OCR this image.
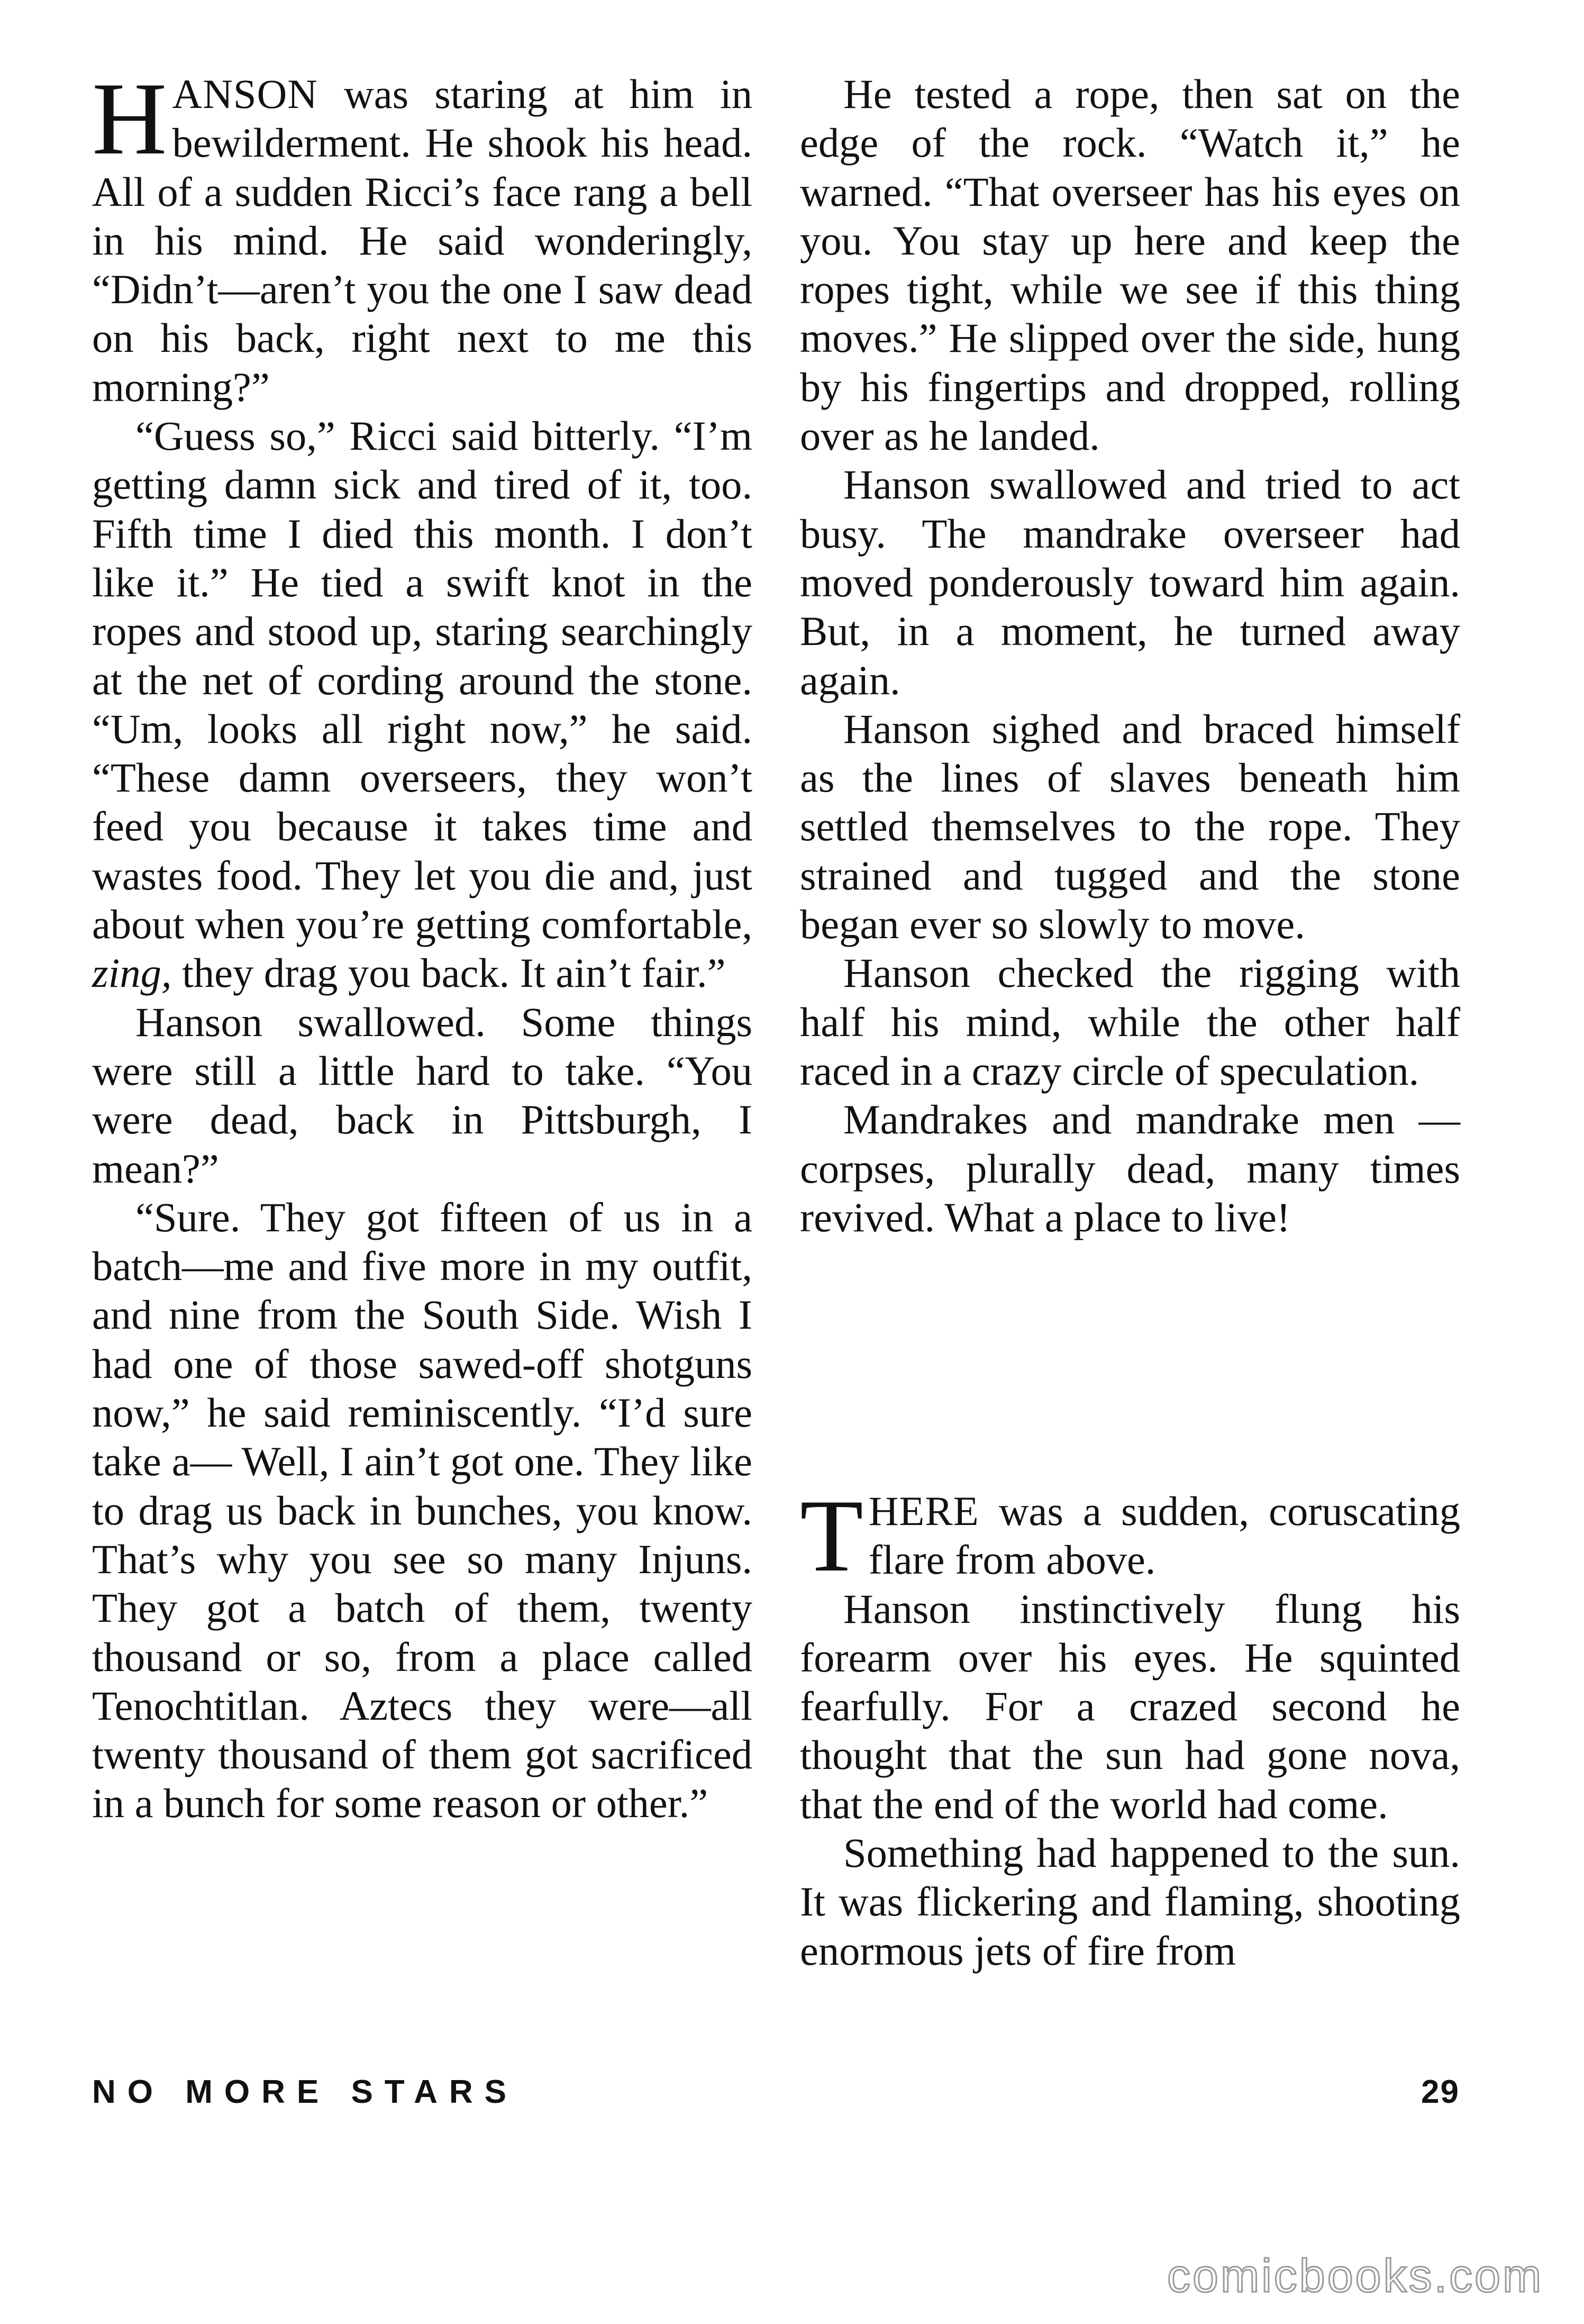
HANSON was staring at him in bewilderment. He shook his head. All of a sudden Ricci’s face rang a bell in his mind. He said wonderingly, “Didn’t—aren’t you the one I saw dead on his back, right next to me this morning?”

“Guess so,” Ricci said bitterly. “I’m getting damn sick and tired of it, too. Fifth time I died this month. I don’t like it.” He tied a swift knot in the ropes and stood up, staring searchingly at the net of cording around the stone. “Um, looks all right now,” he said. “These damn overseers, they won’t feed you because it takes time and wastes food. They let you die and, just about when you’re getting comfortable, zing, they drag you back. It ain’t fair.”

Hanson swallowed. Some things were still a little hard to take. “You were dead, back in Pittsburgh, I mean?”

“Sure. They got fifteen of us in a batch—me and five more in my outfit, and nine from the South Side. Wish I had one of those sawed-off shotguns now,” he said reminiscently. “I’d sure take a— Well, I ain’t got one. They like to drag us back in bunches, you know. That’s why you see so many Injuns. They got a batch of them, twenty thousand or so, from a place called Tenochtitlan. Aztecs they were—all twenty thousand of them got sacrificed in a bunch for some reason or other.”

He tested a rope, then sat on the edge of the rock. “Watch it,” he warned. “That overseer has his eyes on you. You stay up here and keep the ropes tight, while we see if this thing moves.” He slipped over the side, hung by his fingertips and dropped, rolling over as he landed.

Hanson swallowed and tried to act busy. The mandrake overseer had moved ponderously toward him again. But, in a moment, he turned away again.

Hanson sighed and braced himself as the lines of slaves beneath him settled themselves to the rope. They strained and tugged and the stone began ever so slowly to move.

Hanson checked the rigging with half his mind, while the other half raced in a crazy circle of speculation.

Mandrakes and mandrake men —corpses, plurally dead, many times revived. What a place to live!

THERE was a sudden, coruscating flare from above.

Hanson instinctively flung his forearm over his eyes. He squinted fearfully. For a crazed second he thought that the sun had gone nova, that the end of the world had come.

Something had happened to the sun. It was flickering and flaming, shooting enormous jets of fire from

NO MORE STARS	29
comicbooks.com
